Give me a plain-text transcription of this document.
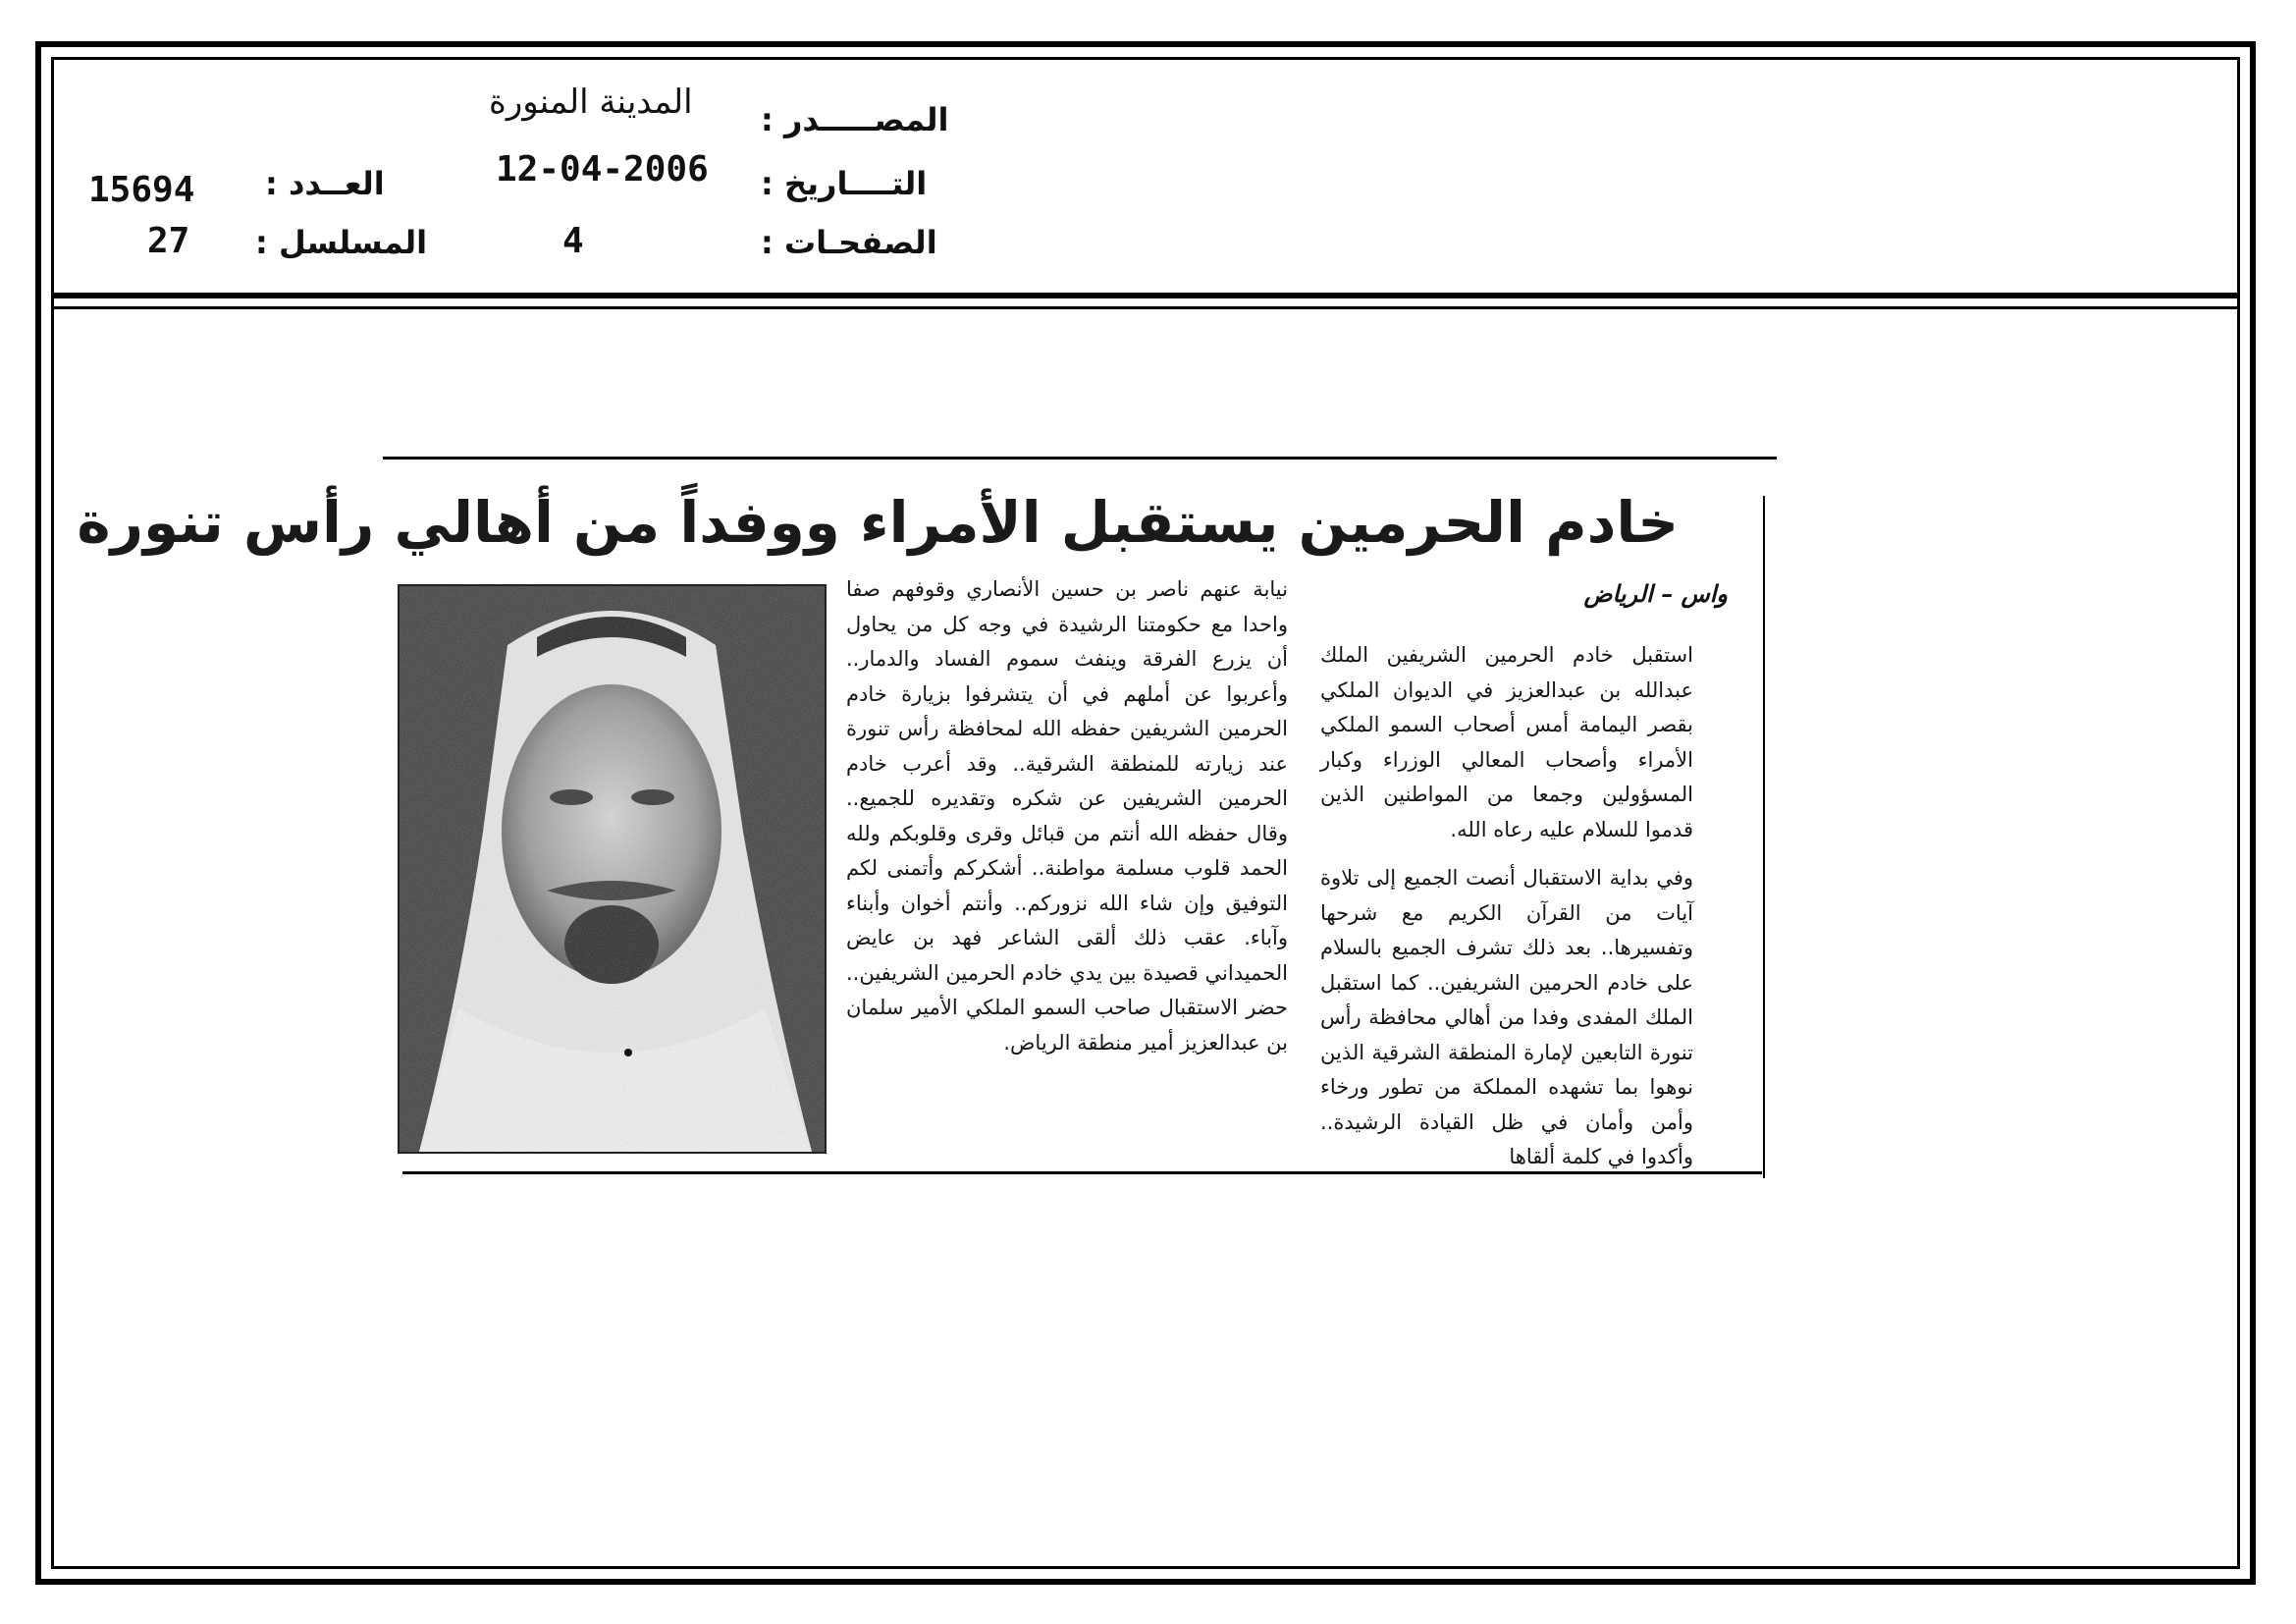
المصـــــدر :
المدينة المنورة
التــــاريخ :
12-04-2006
الصفحـات :
4
العــدد :
15694
المسلسل :
27
خادم الحرمين يستقبل الأمراء ووفداً من أهالي رأس تنورة
واس – الرياض

استقبل خادم الحرمين الشريفين الملك عبدالله بن عبدالعزيز في الديوان الملكي بقصر اليمامة أمس أصحاب السمو الملكي الأمراء وأصحاب المعالي الوزراء وكبار المسؤولين وجمعا من المواطنين الذين قدموا للسلام عليه رعاه الله.

وفي بداية الاستقبال أنصت الجميع إلى تلاوة آيات من القرآن الكريم مع شرحها وتفسيرها.. بعد ذلك تشرف الجميع بالسلام على خادم الحرمين الشريفين.. كما استقبل الملك المفدى وفدا من أهالي محافظة رأس تنورة التابعين لإمارة المنطقة الشرقية الذين نوهوا بما تشهده المملكة من تطور ورخاء وأمن وأمان في ظل القيادة الرشيدة.. وأكدوا في كلمة ألقاها

نيابة عنهم ناصر بن حسين الأنصاري وقوفهم صفا واحدا مع حكومتنا الرشيدة في وجه كل من يحاول أن يزرع الفرقة وينفث سموم الفساد والدمار.. وأعربوا عن أملهم في أن يتشرفوا بزيارة خادم الحرمين الشريفين حفظه الله لمحافظة رأس تنورة عند زيارته للمنطقة الشرقية.. وقد أعرب خادم الحرمين الشريفين عن شكره وتقديره للجميع.. وقال حفظه الله أنتم من قبائل وقرى وقلوبكم ولله الحمد قلوب مسلمة مواطنة.. أشكركم وأتمنى لكم التوفيق وإن شاء الله نزوركم.. وأنتم أخوان وأبناء وآباء. عقب ذلك ألقى الشاعر فهد بن عايض الحميداني قصيدة بين يدي خادم الحرمين الشريفين.. حضر الاستقبال صاحب السمو الملكي الأمير سلمان بن عبدالعزيز أمير منطقة الرياض.
